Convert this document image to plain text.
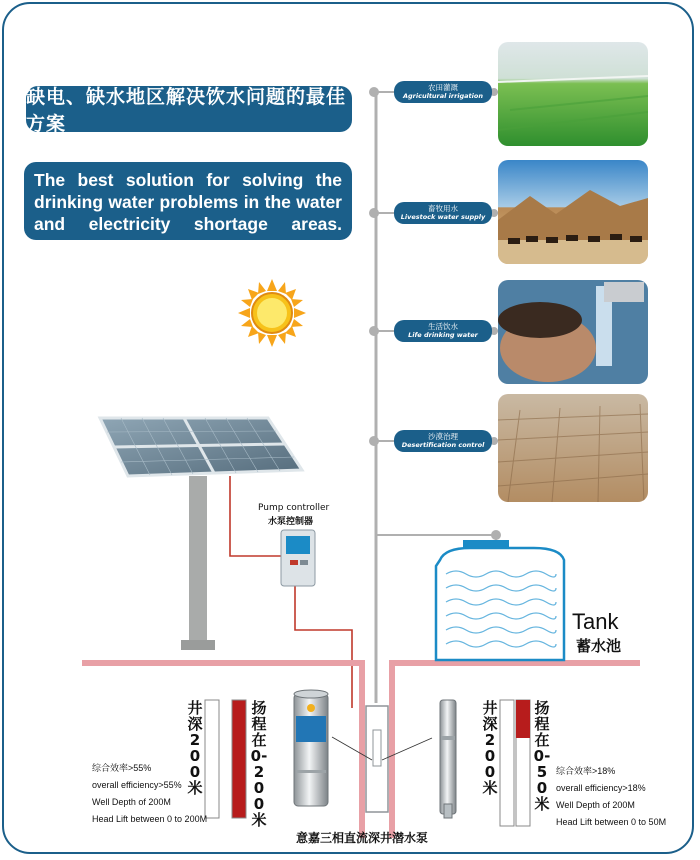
缺电、缺水地区解决饮水问题的最佳方案
The best solution for solving the drinking water problems in the water and electricity shortage areas.
农田灌溉
Agricultural irrigation
畜牧用水
Livestock water supply
生活饮水
Life drinking water
沙漠治理
Desertification control
Pump controller
水泵控制器
Tank
蓄水池
井深200米
扬程在0-200米
井深200米
扬程在0-50米
综合效率>55%
overall efficiency>55%
Well Depth of 200M
Head Lift between 0 to 200M
综合效率>18%
overall efficiency>18%
Well Depth of 200M
Head Lift between 0 to 50M
意嘉三相直流深井潜水泵
